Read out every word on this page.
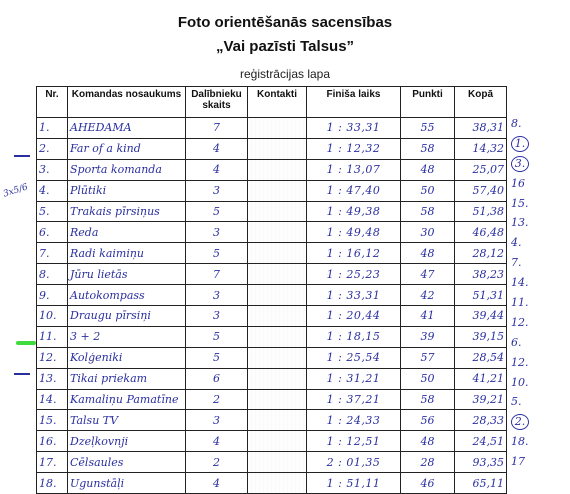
Foto orientēšanās sacensības
„Vai pazīsti Talsus”
reģistrācijas lapa
Nr.	Komandas nosaukums	Dalībnieku skaits	Kontakti	Finiša laiks	Punkti	Kopā
1.	AHEDAMA	7		1 : 33,31	55	38,31
2.	Far of a kind	4		1 : 12,32	58	14,32
3.	Sporta komanda	4		1 : 13,07	48	25,07
4.	Plūtiki	3		1 : 47,40	50	57,40
5.	Trakais pīrsiņus	5		1 : 49,38	58	51,38
6.	Reda	3		1 : 49,48	30	46,48
7.	Radi kaimiņu	5		1 : 16,12	48	28,12
8.	Jūru lietās	7		1 : 25,23	47	38,23
9.	Autokompass	3		1 : 33,31	42	51,31
10.	Draugu pīrsiņi	3		1 : 20,44	41	39,44
11.	3 + 2	5		1 : 18,15	39	39,15
12.	Kolģeniki	5		1 : 25,54	57	28,54
13.	Tikai priekam	6		1 : 31,21	50	41,21
14.	Kamaliņu Pamatīne	2		1 : 37,21	58	39,21
15.	Talsu TV	3		1 : 24,33	56	28,33
16.	Dzeļkovnji	4		1 : 12,51	48	24,51
17.	Cēlsaules	2		2 : 01,35	28	93,35
18.	Ugunstāļi	4		1 : 51,11	46	65,11
8.
1.
3.
16
15.
13.
4.
7.
14.
11.
12.
6.
12.
10.
5.
2.
18.
17
3x5/6
